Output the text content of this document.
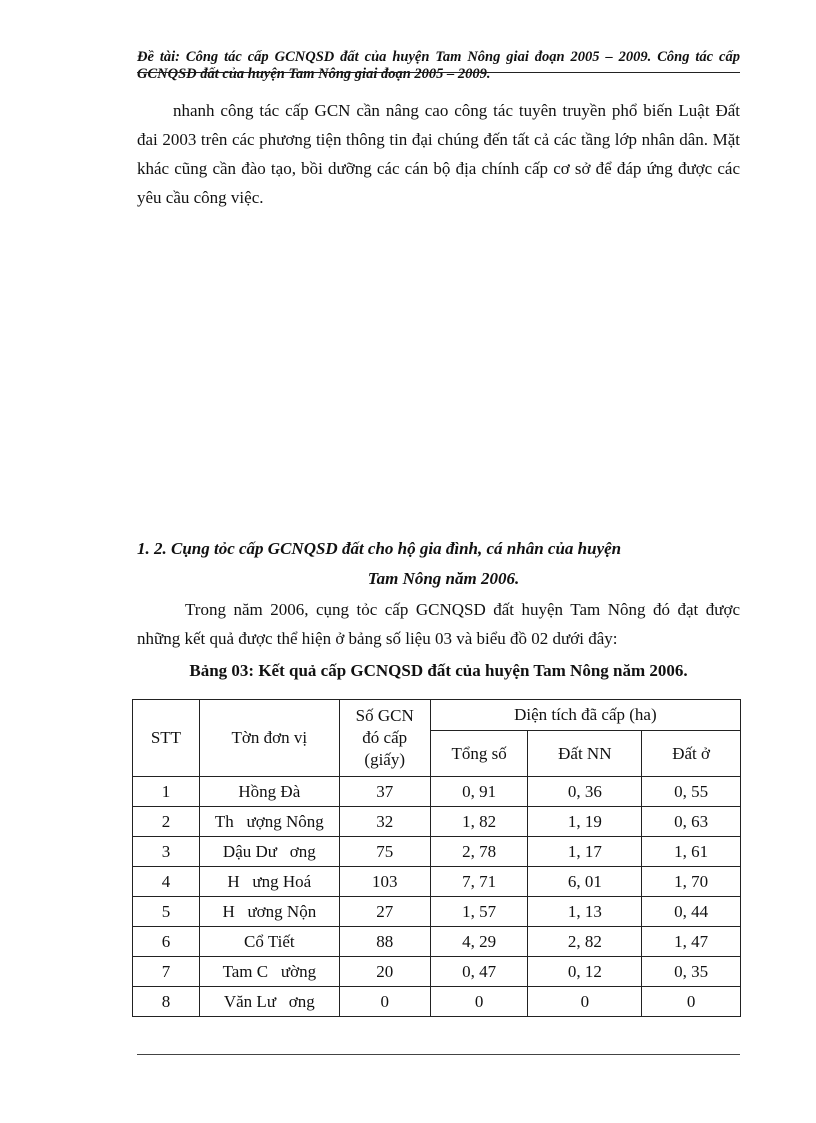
Đề tài: Công tác cấp GCNQSD đất của huyện Tam Nông giai đoạn 2005 – 2009. Công tác cấp GCNQSD đất của huyện Tam Nông giai đoạn 2005 – 2009.

nhanh công tác cấp GCN cần nâng cao công tác tuyên truyền phổ biến Luật Đất đai 2003 trên các phương tiện thông tin đại chúng đến tất cả các tầng lớp nhân dân. Mặt khác cũng cần đào tạo, bồi dưỡng các cán bộ địa chính cấp cơ sở để đáp ứng được các yêu cầu công việc.

1. 2. Cụng tỏc cấp GCNQSD đất cho hộ gia đình, cá nhân của huyện
Tam Nông năm 2006.

Trong năm 2006, cụng tỏc cấp GCNQSD đất huyện Tam Nông đó đạt được những kết quả được thể hiện ở bảng số liệu 03 và biểu đồ 02 dưới đây:

Bảng 03: Kết quả cấp GCNQSD đất của huyện Tam Nông năm 2006.
STT	Tờn đơn vị	Số GCN đó cấp (giấy)	Diện tích đã cấp (ha)		
			Tổng số	Đất NN	Đất ở
1	Hồng Đà	37	0, 91	0, 36	0, 55
2	Th   ượng Nông	32	1, 82	1, 19	0, 63
3	Dậu Dư   ơng	75	2, 78	1, 17	1, 61
4	H   ưng Hoá	103	7, 71	6, 01	1, 70
5	H   ương Nộn	27	1, 57	1, 13	0, 44
6	Cổ Tiết	88	4, 29	2, 82	1, 47
7	Tam C   ường	20	0, 47	0, 12	0, 35
8	Văn Lư   ơng	0	0	0	0
